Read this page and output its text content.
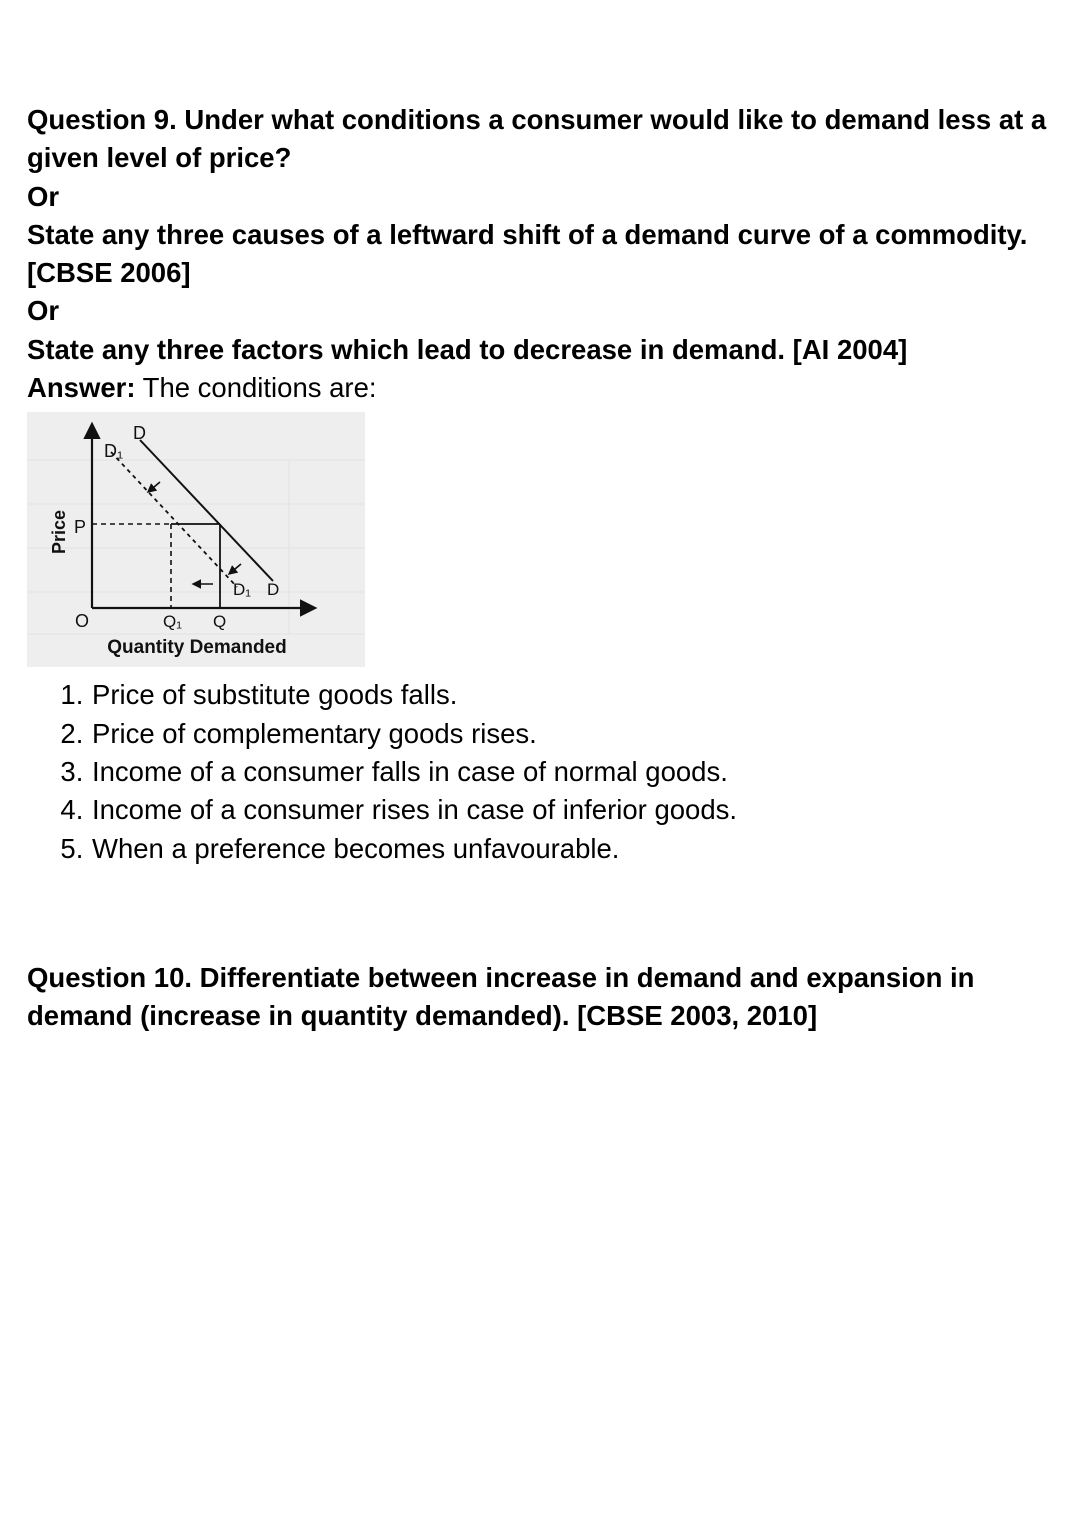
Question 9. Under what conditions a consumer would like to demand less at a given level of price?

Or

State any three causes of a leftward shift of a demand curve of a commodity. [CBSE 2006]

Or

State any three factors which lead to decrease in demand. [AI 2004]

Answer: The conditions are:

Price
Quantity Demanded
O
P
Q₁ Q
D
D₁
D₁ D
1. Price of substitute goods falls.
2. Price of complementary goods rises.
3. Income of a consumer falls in case of normal goods.
4. Income of a consumer rises in case of inferior goods.
5. When a preference becomes unfavourable.

Question 10. Differentiate between increase in demand and expansion in demand (increase in quantity demanded). [CBSE 2003, 2010]
